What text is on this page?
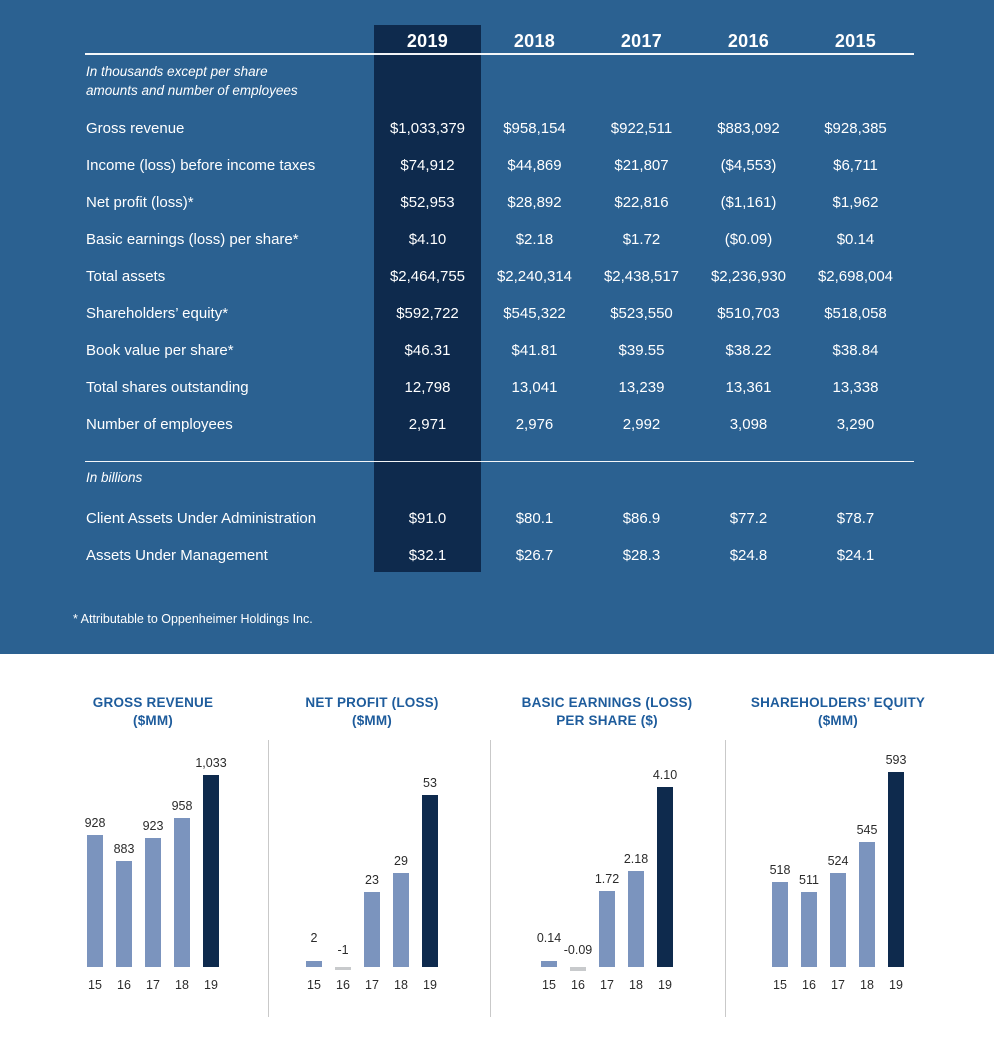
2019	2018	2017	2016	2015
In thousands except per share
amounts and number of employees
Gross revenue	$1,033,379	$958,154	$922,511	$883,092	$928,385
Income (loss) before income taxes	$74,912	$44,869	$21,807	($4,553)	$6,711
Net profit (loss)*	$52,953	$28,892	$22,816	($1,161)	$1,962
Basic earnings (loss) per share*	$4.10	$2.18	$1.72	($0.09)	$0.14
Total assets	$2,464,755	$2,240,314	$2,438,517	$2,236,930	$2,698,004
Shareholders’ equity*	$592,722	$545,322	$523,550	$510,703	$518,058
Book value per share*	$46.31	$41.81	$39.55	$38.22	$38.84
Total shares outstanding	12,798	13,041	13,239	13,361	13,338
Number of employees	2,971	2,976	2,992	3,098	3,290
In billions
Client Assets Under Administration	$91.0	$80.1	$86.9	$77.2	$78.7
Assets Under Management	$32.1	$26.7	$28.3	$24.8	$24.1
* Attributable to Oppenheimer Holdings Inc.
GROSS REVENUE
($MM)
928
883
923
958
1,033
15 16 17 18 19
NET PROFIT (LOSS)
($MM)
2
-1
23
29
53
15 16 17 18 19
BASIC EARNINGS (LOSS)
PER SHARE ($)
0.14
-0.09
1.72
2.18
4.10
15 16 17 18 19
SHAREHOLDERS’ EQUITY
($MM)
518
511
524
545
593
15 16 17 18 19
